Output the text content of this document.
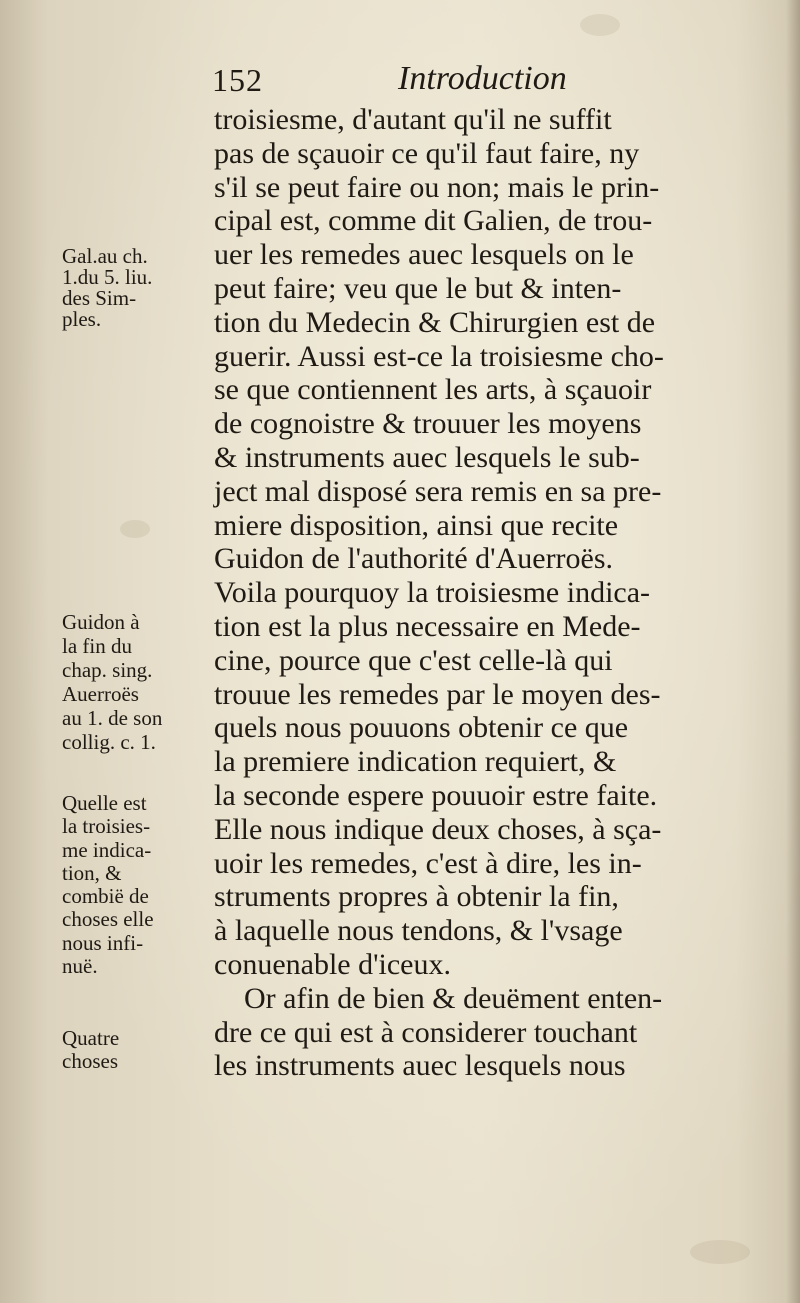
152	Introduction
Gal.au ch.
1.du 5. liu.
des Sim-
ples.
Guidon à
la fin du
chap. sing.
Auerroës
au 1. de son
collig. c. 1.
Quelle est
la troisies-
me indica-
tion, &
combië de
choses elle
nous infi-
nuë.
Quatre
choses
troisiesme, d'autant qu'il ne suffit
pas de sçauoir ce qu'il faut faire, ny
s'il se peut faire ou non; mais le prin-
cipal est, comme dit Galien, de trou-
uer les remedes auec lesquels on le
peut faire; veu que le but & inten-
tion du Medecin & Chirurgien est de
guerir. Aussi est-ce la troisiesme cho-
se que contiennent les arts, à sçauoir
de cognoistre & trouuer les moyens
& instruments auec lesquels le sub-
ject mal disposé sera remis en sa pre-
miere disposition, ainsi que recite
Guidon de l'authorité d'Auerroës.
Voila pourquoy la troisiesme indica-
tion est la plus necessaire en Mede-
cine, pource que c'est celle-là qui
trouue les remedes par le moyen des-
quels nous pouuons obtenir ce que
la premiere indication requiert, &
la seconde espere pouuoir estre faite.
Elle nous indique deux choses, à sça-
uoir les remedes, c'est à dire, les in-
struments propres à obtenir la fin,
à laquelle nous tendons, & l'vsage
conuenable d'iceux.
Or afin de bien & deuëment enten-
dre ce qui est à considerer touchant
les instruments auec lesquels nous
